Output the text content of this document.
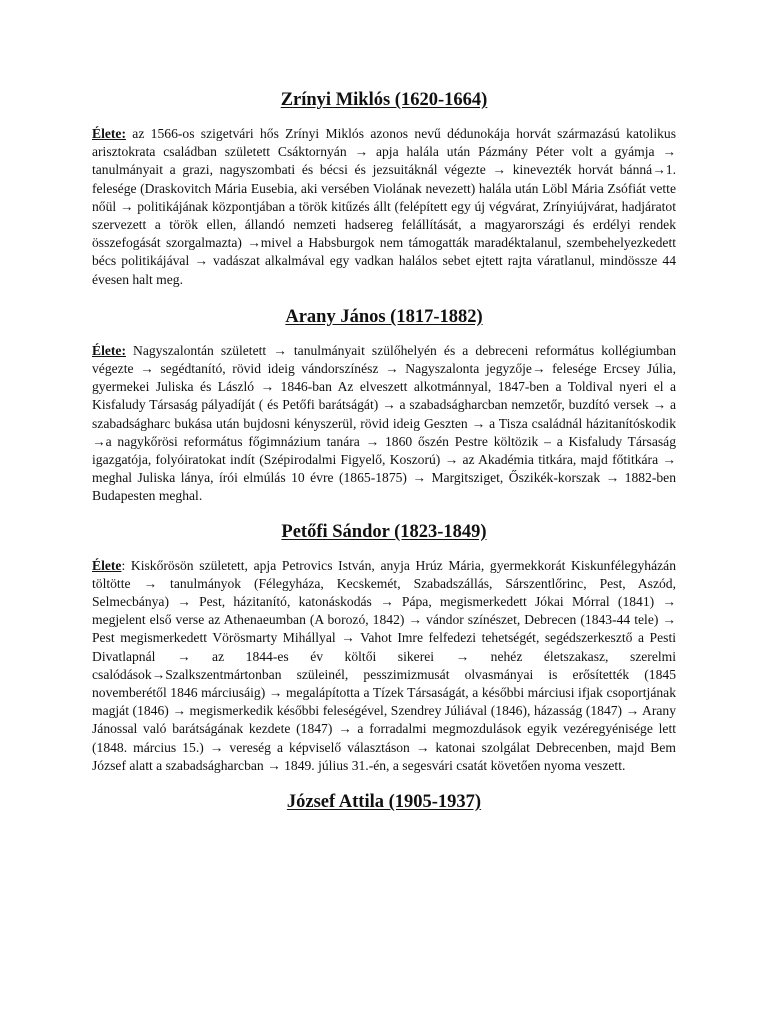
Zrínyi Miklós (1620-1664)

Élete: az 1566-os szigetvári hős Zrínyi Miklós azonos nevű dédunokája horvát származású katolikus arisztokrata családban született Csáktornyán → apja halála után Pázmány Péter volt a gyámja → tanulmányait a grazi, nagyszombati és bécsi és jezsuitáknál végezte → kinevezték horvát bánná→1. felesége (Draskovitch Mária Eusebia, aki versében Violának nevezett) halála után Löbl Mária Zsófiát vette nőül → politikájának központjában a török kitűzés állt (felépített egy új végvárat, Zrínyiújvárat, hadjáratot szervezett a török ellen, állandó nemzeti hadsereg felállítását, a magyarországi és erdélyi rendek összefogását szorgalmazta) →mivel a Habsburgok nem támogatták maradéktalanul, szembehelyezkedett bécs politikájával → vadászat alkalmával egy vadkan halálos sebet ejtett rajta váratlanul, mindössze 44 évesen halt meg.

Arany János (1817-1882)

Élete: Nagyszalontán született → tanulmányait szülőhelyén és a debreceni református kollégiumban végezte → segédtanító, rövid ideig vándorszínész → Nagyszalonta jegyzője→ felesége Ercsey Júlia, gyermekei Juliska és László → 1846-ban Az elveszett alkotmánnyal, 1847-ben a Toldival nyeri el a Kisfaludy Társaság pályadíját ( és Petőfi barátságát) → a szabadságharcban nemzetőr, buzdító versek → a szabadságharc bukása után bujdosni kényszerül, rövid ideig Geszten → a Tisza családnál házitanítóskodik →a nagykőrösi református főgimnázium tanára → 1860 őszén Pestre költözik – a Kisfaludy Társaság igazgatója, folyóiratokat indít (Szépirodalmi Figyelő, Koszorú) → az Akadémia titkára, majd főtitkára → meghal Juliska lánya, írói elmúlás 10 évre (1865-1875) → Margitsziget, Őszikék-korszak → 1882-ben Budapesten meghal.

Petőfi Sándor (1823-1849)

Élete: Kiskőrösön született, apja Petrovics István, anyja Hrúz Mária, gyermekkorát Kiskunfélegyházán töltötte → tanulmányok (Félegyháza, Kecskemét, Szabadszállás, Sárszentlőrinc, Pest, Aszód, Selmecbánya) → Pest, házitanító, katonáskodás → Pápa, megismerkedett Jókai Mórral (1841) → megjelent első verse az Athenaeumban (A borozó, 1842) → vándor színészet, Debrecen (1843-44 tele) → Pest megismerkedett Vörösmarty Mihállyal → Vahot Imre felfedezi tehetségét, segédszerkesztő a Pesti Divatlapnál → az 1844-es év költői sikerei → nehéz életszakasz, szerelmi csalódások→Szalkszentmártonban szüleinél, pesszimizmusát olvasmányai is erősítették (1845 novemberétől 1846 márciusáig) → megalápította a Tízek Társaságát, a későbbi márciusi ifjak csoportjának magját (1846) → megismerkedik későbbi feleségével, Szendrey Júliával (1846), házasság (1847) → Arany Jánossal való barátságának kezdete (1847) → a forradalmi megmozdulások egyik vezéregyénisége lett (1848. március 15.) → vereség a képviselő választáson → katonai szolgálat Debrecenben, majd Bem József alatt a szabadságharcban → 1849. július 31.-én, a segesvári csatát követően nyoma veszett.

József Attila (1905-1937)
